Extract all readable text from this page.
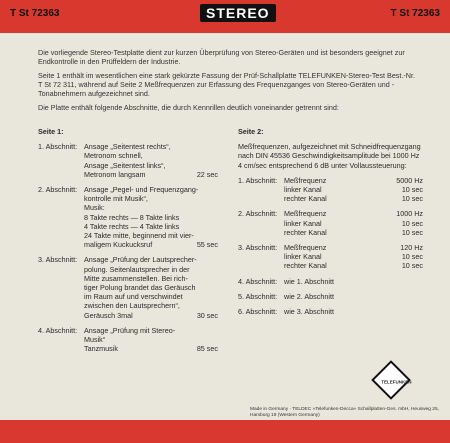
T St 72363	STEREO	T St 72363

Die vorliegende Stereo-Testplatte dient zur kurzen Überprüfung von Stereo-Geräten und ist besonders geeignet zur Endkontrolle in den Prüffeldern der Industrie.

Seite 1 enthält im wesentlichen eine stark gekürzte Fassung der Prüf-Schallplatte TELEFUNKEN-Stereo-Test Best.-Nr. T St 72 311, während auf Seite 2 Meßfrequenzen zur Erfassung des Frequenzganges von Stereo-Geräten und -Tonabnehmern aufgezeichnet sind.

Die Platte enthält folgende Abschnitte, die durch Kennrillen deutlich voneinander getrennt sind:

Seite 1:
1. Abschnitt: Ansage „Seitentest rechts“,
Metronom schnell,
Ansage „Seitentest links“,
Metronom langsam	22 sec
2. Abschnitt: Ansage „Pegel- und Frequenzgang-
kontrolle mit Musik“,
Musik:
8 Takte rechts — 8 Takte links
4 Takte rechts — 4 Takte links
24 Takte mitte, beginnend mit vier-
maligem Kuckucksruf	55 sec
3. Abschnitt: Ansage „Prüfung der Lautsprecher-
polung. Seitenlautsprecher in der
Mitte zusammenstellen. Bei rich-
tiger Polung brandet das Geräusch
im Raum auf und verschwindet
zwischen den Lautsprechern“,
Geräusch 3mal	30 sec
4. Abschnitt: Ansage „Prüfung mit Stereo-
Musik“
Tanzmusik	85 sec
Seite 2:
Meßfrequenzen, aufgezeichnet mit Schneidfrequenzgang nach DIN 45536 Geschwindigkeitsamplitude bei 1000 Hz 4 cm/sec entsprechend 6 dB unter Vollaussteuerung:
1. Abschnitt: Meßfrequenz	5000 Hz
linker Kanal	10 sec
rechter Kanal	10 sec
2. Abschnitt: Meßfrequenz	1000 Hz
linker Kanal	10 sec
rechter Kanal	10 sec
3. Abschnitt: Meßfrequenz	120 Hz
linker Kanal	10 sec
rechter Kanal	10 sec
4. Abschnitt: wie 1. Abschnitt
5. Abschnitt: wie 2. Abschnitt
6. Abschnitt: wie 3. Abschnitt
TELEFUNKEN
Made in Germany · TELDEC »Telefunken-Decca« Schallplatten-Ges. mbH, Heusweg 25, Hamburg 19 (Western Germany)
